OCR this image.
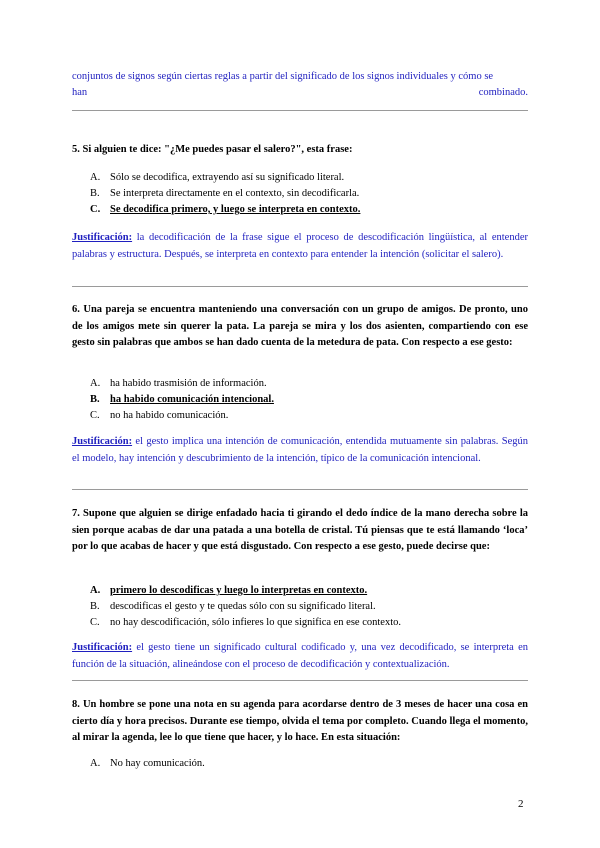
conjuntos de signos según ciertas reglas a partir del significado de los signos individuales y cómo se
han	combinado.
5. Si alguien te dice: "¿Me puedes pasar el salero?", esta frase:
A. Sólo se decodifica, extrayendo así su significado literal.
B. Se interpreta directamente en el contexto, sin decodificarla.
C. Se decodifica primero, y luego se interpreta en contexto.
Justificación: la decodificación de la frase sigue el proceso de descodificación lingüística, al entender palabras y estructura. Después, se interpreta en contexto para entender la intención (solicitar el salero).
6. Una pareja se encuentra manteniendo una conversación con un grupo de amigos. De pronto, uno de los amigos mete sin querer la pata. La pareja se mira y los dos asienten, compartiendo con ese gesto sin palabras que ambos se han dado cuenta de la metedura de pata. Con respecto a ese gesto:
A. ha habido trasmisión de información.
B. ha habido comunicación intencional.
C. no ha habido comunicación.
Justificación: el gesto implica una intención de comunicación, entendida mutuamente sin palabras. Según el modelo, hay intención y descubrimiento de la intención, típico de la comunicación intencional.
7. Supone que alguien se dirige enfadado hacia ti girando el dedo índice de la mano derecha sobre la sien porque acabas de dar una patada a una botella de cristal. Tú piensas que te está llamando ‘loca’ por lo que acabas de hacer y que está disgustado. Con respecto a ese gesto, puede decirse que:
A. primero lo descodificas y luego lo interpretas en contexto.
B. descodificas el gesto y te quedas sólo con su significado literal.
C. no hay descodificación, sólo infieres lo que significa en ese contexto.
Justificación: el gesto tiene un significado cultural codificado y, una vez decodificado, se interpreta en función de la situación, alineándose con el proceso de decodificación y contextualización.
8. Un hombre se pone una nota en su agenda para acordarse dentro de 3 meses de hacer una cosa en cierto día y hora precisos. Durante ese tiempo, olvida el tema por completo. Cuando llega el momento, al mirar la agenda, lee lo que tiene que hacer, y lo hace. En esta situación:
A. No hay comunicación.
2
